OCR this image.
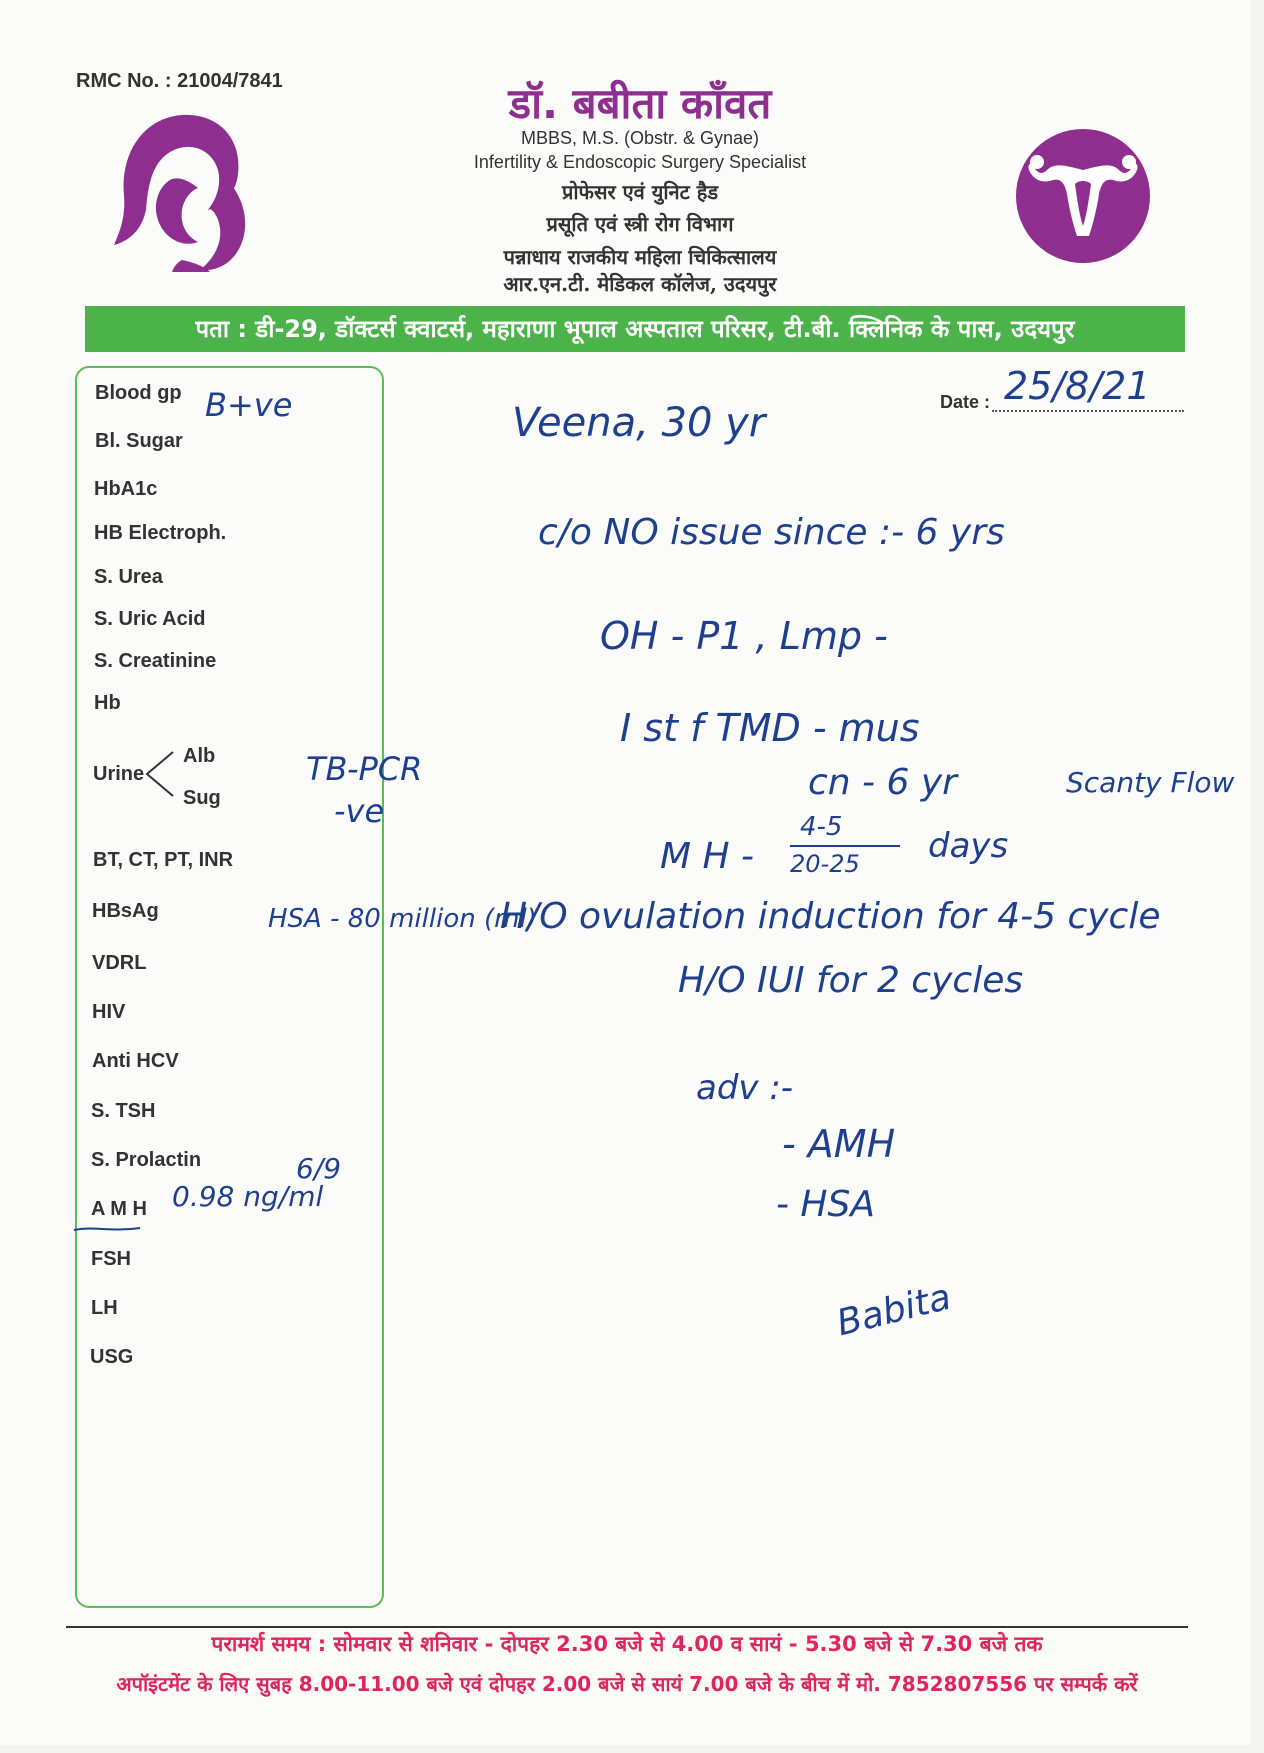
RMC No. : 21004/7841	डॉ. बबीता काँवत
MBBS, M.S. (Obstr. & Gynae)
Infertility & Endoscopic Surgery Specialist
प्रोफेसर एवं युनिट हैड
प्रसूति एवं स्त्री रोग विभाग
पन्नाधाय राजकीय महिला चिकित्सालय
आर.एन.टी. मेडिकल कॉलेज, उदयपुर
पता : डी-29, डॉक्टर्स क्वाटर्स, महाराणा भूपाल अस्पताल परिसर, टी.बी. क्लिनिक के पास, उदयपुर
Blood gp
Bl. Sugar
HbA1c
HB Electroph.
S. Urea
S. Uric Acid
S. Creatinine
Hb
Urine
Alb
Sug
BT, CT, PT, INR
HBsAg
VDRL
HIV
Anti HCV
S. TSH
S. Prolactin
A M H
FSH
LH
USG
Date : 25/8/21
B+ve
TB-PCR
-ve
HSA - 80 million (ml)
0.98 ng/ml
6/9
Veena, 30 yr
c/o NO issue since :- 6 yrs
OH - P1 , Lmp -
I st f TMD - mus
cn - 6 yr	Scanty Flow
M H -
4-5
20-25 days
H/O ovulation induction for 4-5 cycle
H/O IUI for 2 cycles
adv :-
- AMH
- HSA
Babita
परामर्श समय : सोमवार से शनिवार - दोपहर 2.30 बजे से 4.00 व सायं - 5.30 बजे से 7.30 बजे तक
अपॉइंटमेंट के लिए सुबह 8.00-11.00 बजे एवं दोपहर 2.00 बजे से सायं 7.00 बजे के बीच में मो. 7852807556 पर सम्पर्क करें
